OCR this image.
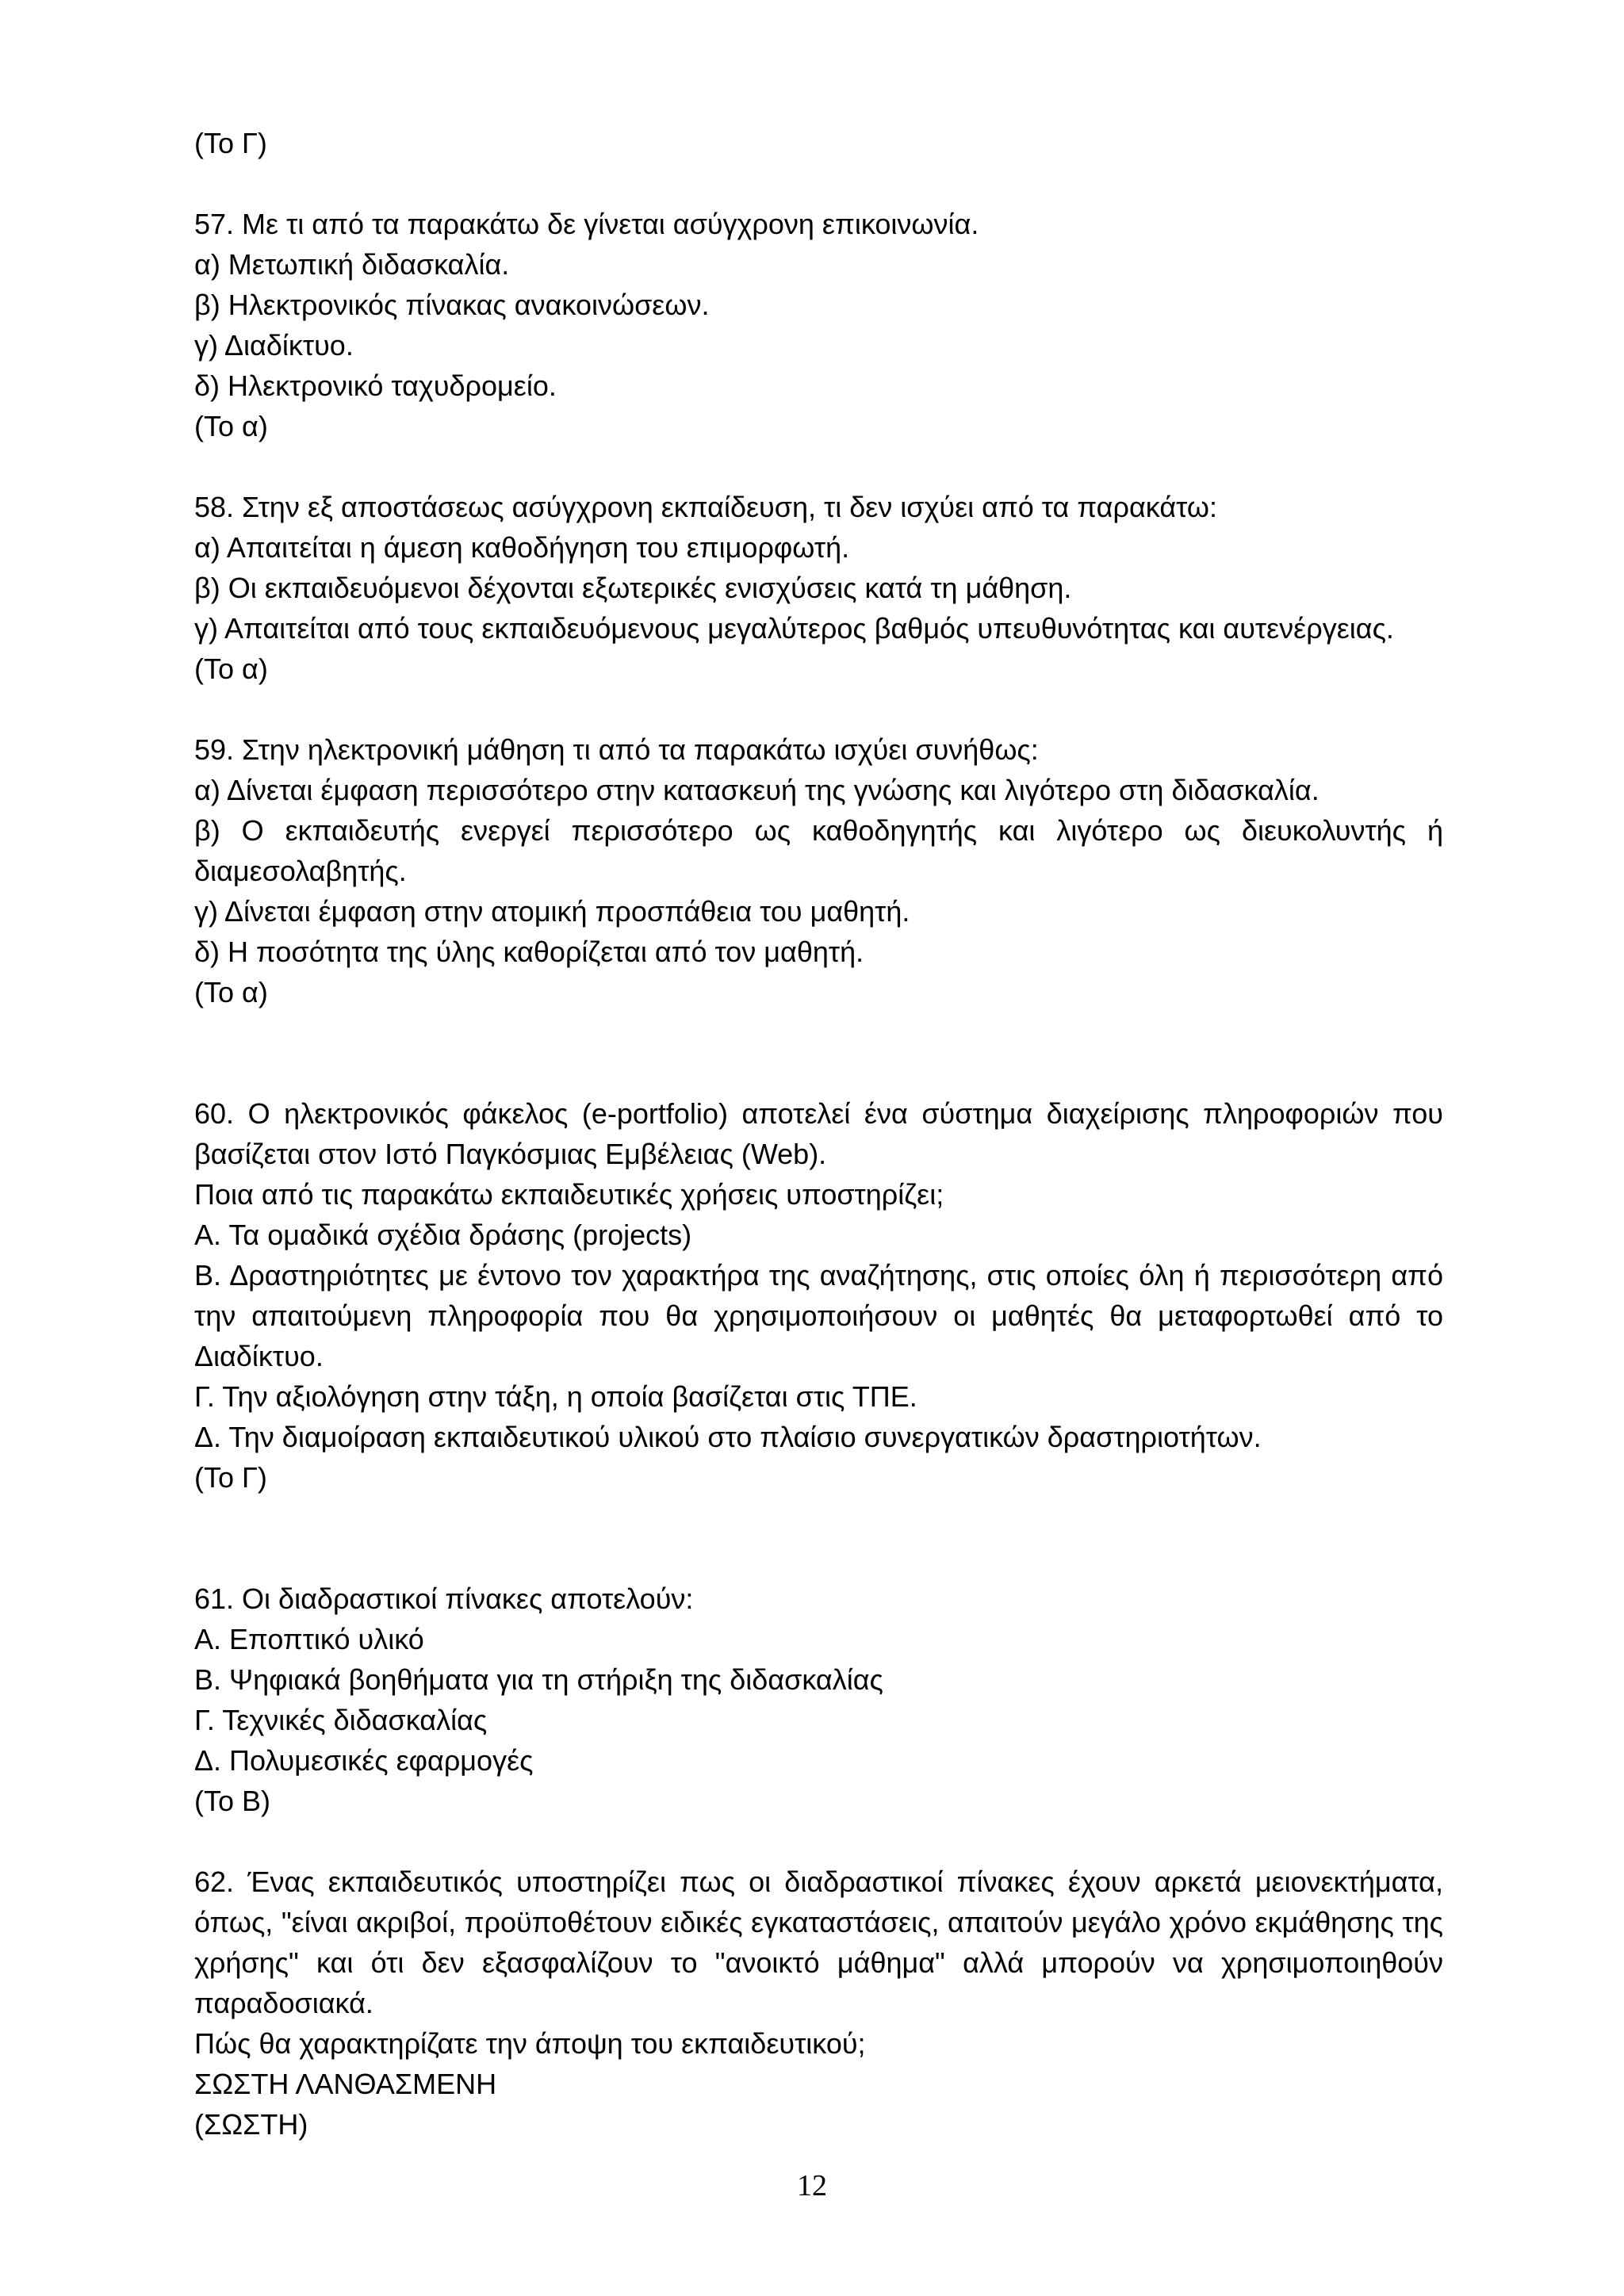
(Το Γ)
57. Με τι από τα παρακάτω δε γίνεται ασύγχρονη επικοινωνία.
α) Μετωπική διδασκαλία.
β) Ηλεκτρονικός πίνακας ανακοινώσεων.
γ) Διαδίκτυο.
δ) Ηλεκτρονικό ταχυδρομείο.
(Το α)
58. Στην εξ αποστάσεως ασύγχρονη εκπαίδευση, τι δεν ισχύει από τα παρακάτω:
α) Απαιτείται η άμεση καθοδήγηση του επιμορφωτή.
β) Οι εκπαιδευόμενοι δέχονται εξωτερικές ενισχύσεις κατά τη μάθηση.
γ) Απαιτείται από τους εκπαιδευόμενους μεγαλύτερος βαθμός υπευθυνότητας και αυτενέργειας.
(Το α)
59. Στην ηλεκτρονική μάθηση τι από τα παρακάτω ισχύει συνήθως:
α) Δίνεται έμφαση περισσότερο στην κατασκευή της γνώσης και λιγότερο στη διδασκαλία.
β) Ο εκπαιδευτής ενεργεί περισσότερο ως καθοδηγητής και λιγότερο ως διευκολυντής ή διαμεσολαβητής.
γ) Δίνεται έμφαση στην ατομική προσπάθεια του μαθητή.
δ) Η ποσότητα της ύλης καθορίζεται από τον μαθητή.
(Το α)
60. Ο ηλεκτρονικός φάκελος (e-portfolio) αποτελεί ένα σύστημα διαχείρισης πληροφοριών που βασίζεται στον Ιστό Παγκόσμιας Εμβέλειας (Web).
Ποια από τις παρακάτω εκπαιδευτικές χρήσεις υποστηρίζει;
Α. Τα ομαδικά σχέδια δράσης (projects)
Β. Δραστηριότητες με έντονο τον χαρακτήρα της αναζήτησης, στις οποίες όλη ή περισσότερη από την απαιτούμενη πληροφορία που θα χρησιμοποιήσουν οι μαθητές θα μεταφορτωθεί από το Διαδίκτυο.
Γ. Την αξιολόγηση στην τάξη, η οποία βασίζεται στις ΤΠΕ.
Δ. Την διαμοίραση εκπαιδευτικού υλικού στο πλαίσιο συνεργατικών δραστηριοτήτων.
(Το Γ)
61. Οι διαδραστικοί πίνακες αποτελούν:
Α. Εποπτικό υλικό
Β. Ψηφιακά βοηθήματα για τη στήριξη της διδασκαλίας
Γ. Τεχνικές διδασκαλίας
Δ. Πολυμεσικές εφαρμογές
(Το Β)
62. Ένας εκπαιδευτικός υποστηρίζει πως οι διαδραστικοί πίνακες έχουν αρκετά μειονεκτήματα, όπως, "είναι ακριβοί, προϋποθέτουν ειδικές εγκαταστάσεις, απαιτούν μεγάλο χρόνο εκμάθησης της χρήσης" και ότι δεν εξασφαλίζουν το "ανοικτό μάθημα" αλλά μπορούν να χρησιμοποιηθούν παραδοσιακά.
Πώς θα χαρακτηρίζατε την άποψη του εκπαιδευτικού;
ΣΩΣΤΗ ΛΑΝΘΑΣΜΕΝΗ
(ΣΩΣΤΗ)
12
